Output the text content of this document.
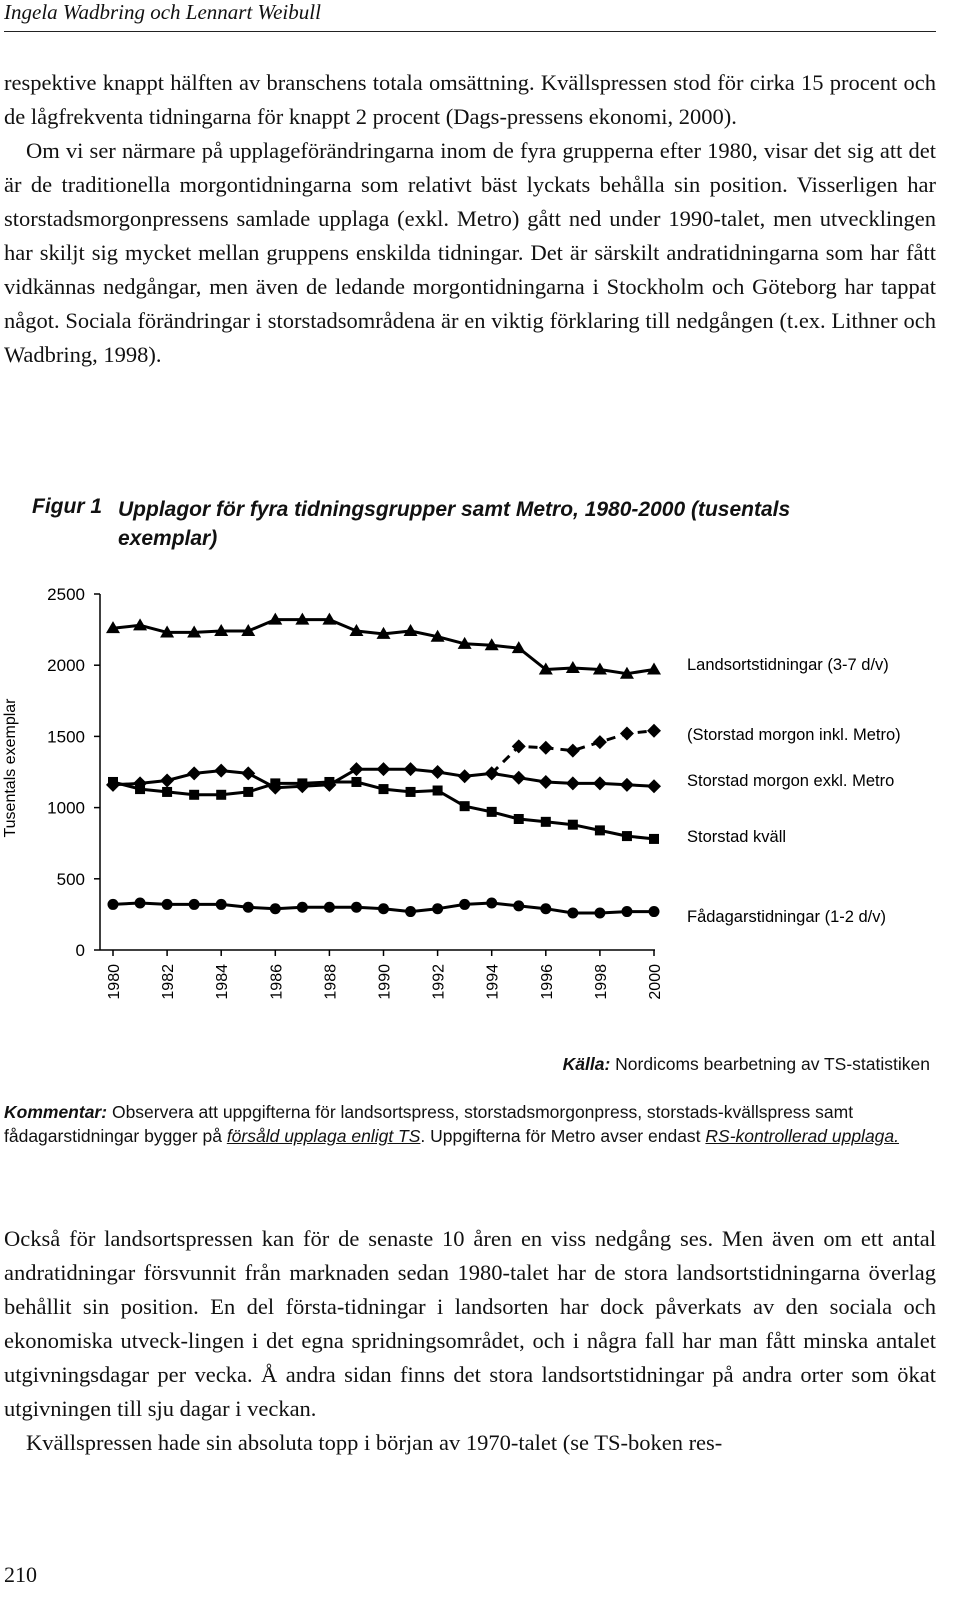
Ingela Wadbring och Lennart Weibull

respektive knappt hälften av branschens totala omsättning. Kvällspressen stod för cirka 15 procent och de lågfrekventa tidningarna för knappt 2 procent (Dags-pressens ekonomi, 2000).

Om vi ser närmare på upplageförändringarna inom de fyra grupperna efter 1980, visar det sig att det är de traditionella morgontidningarna som relativt bäst lyckats behålla sin position. Visserligen har storstadsmorgonpressens samlade upplaga (exkl. Metro) gått ned under 1990-talet, men utvecklingen har skiljt sig mycket mellan gruppens enskilda tidningar. Det är särskilt andratidningarna som har fått vidkännas nedgångar, men även de ledande morgontidningarna i Stockholm och Göteborg har tappat något. Sociala förändringar i storstadsområdena är en viktig förklaring till nedgången (t.ex. Lithner och Wadbring, 1998).

Figur 1 Upplagor för fyra tidningsgrupper samt Metro, 1980-2000 (tusentals exemplar)
Tusentals exemplar
2500
2000
1500
1000
500
0
1980 1982 1984 1986 1988 1990 1992 1994 1996 1998 2000
Landsortstidningar (3-7 d/v)
(Storstad morgon inkl. Metro)
Storstad morgon exkl. Metro
Storstad kväll
Fådagarstidningar (1-2 d/v)
Källa: Nordicoms bearbetning av TS-statistiken
Kommentar: Observera att uppgifterna för landsortspress, storstadsmorgonpress, storstads-kvällspress samt fådagarstidningar bygger på försåld upplaga enligt TS. Uppgifterna för Metro avser endast RS-kontrollerad upplaga.

Också för landsortspressen kan för de senaste 10 åren en viss nedgång ses. Men även om ett antal andratidningar försvunnit från marknaden sedan 1980-talet har de stora landsortstidningarna överlag behållit sin position. En del första-tidningar i landsorten har dock påverkats av den sociala och ekonomiska utveck-lingen i det egna spridningsområdet, och i några fall har man fått minska antalet utgivningsdagar per vecka. Å andra sidan finns det stora landsortstidningar på andra orter som ökat utgivningen till sju dagar i veckan.

Kvällspressen hade sin absoluta topp i början av 1970-talet (se TS-boken res-

210
